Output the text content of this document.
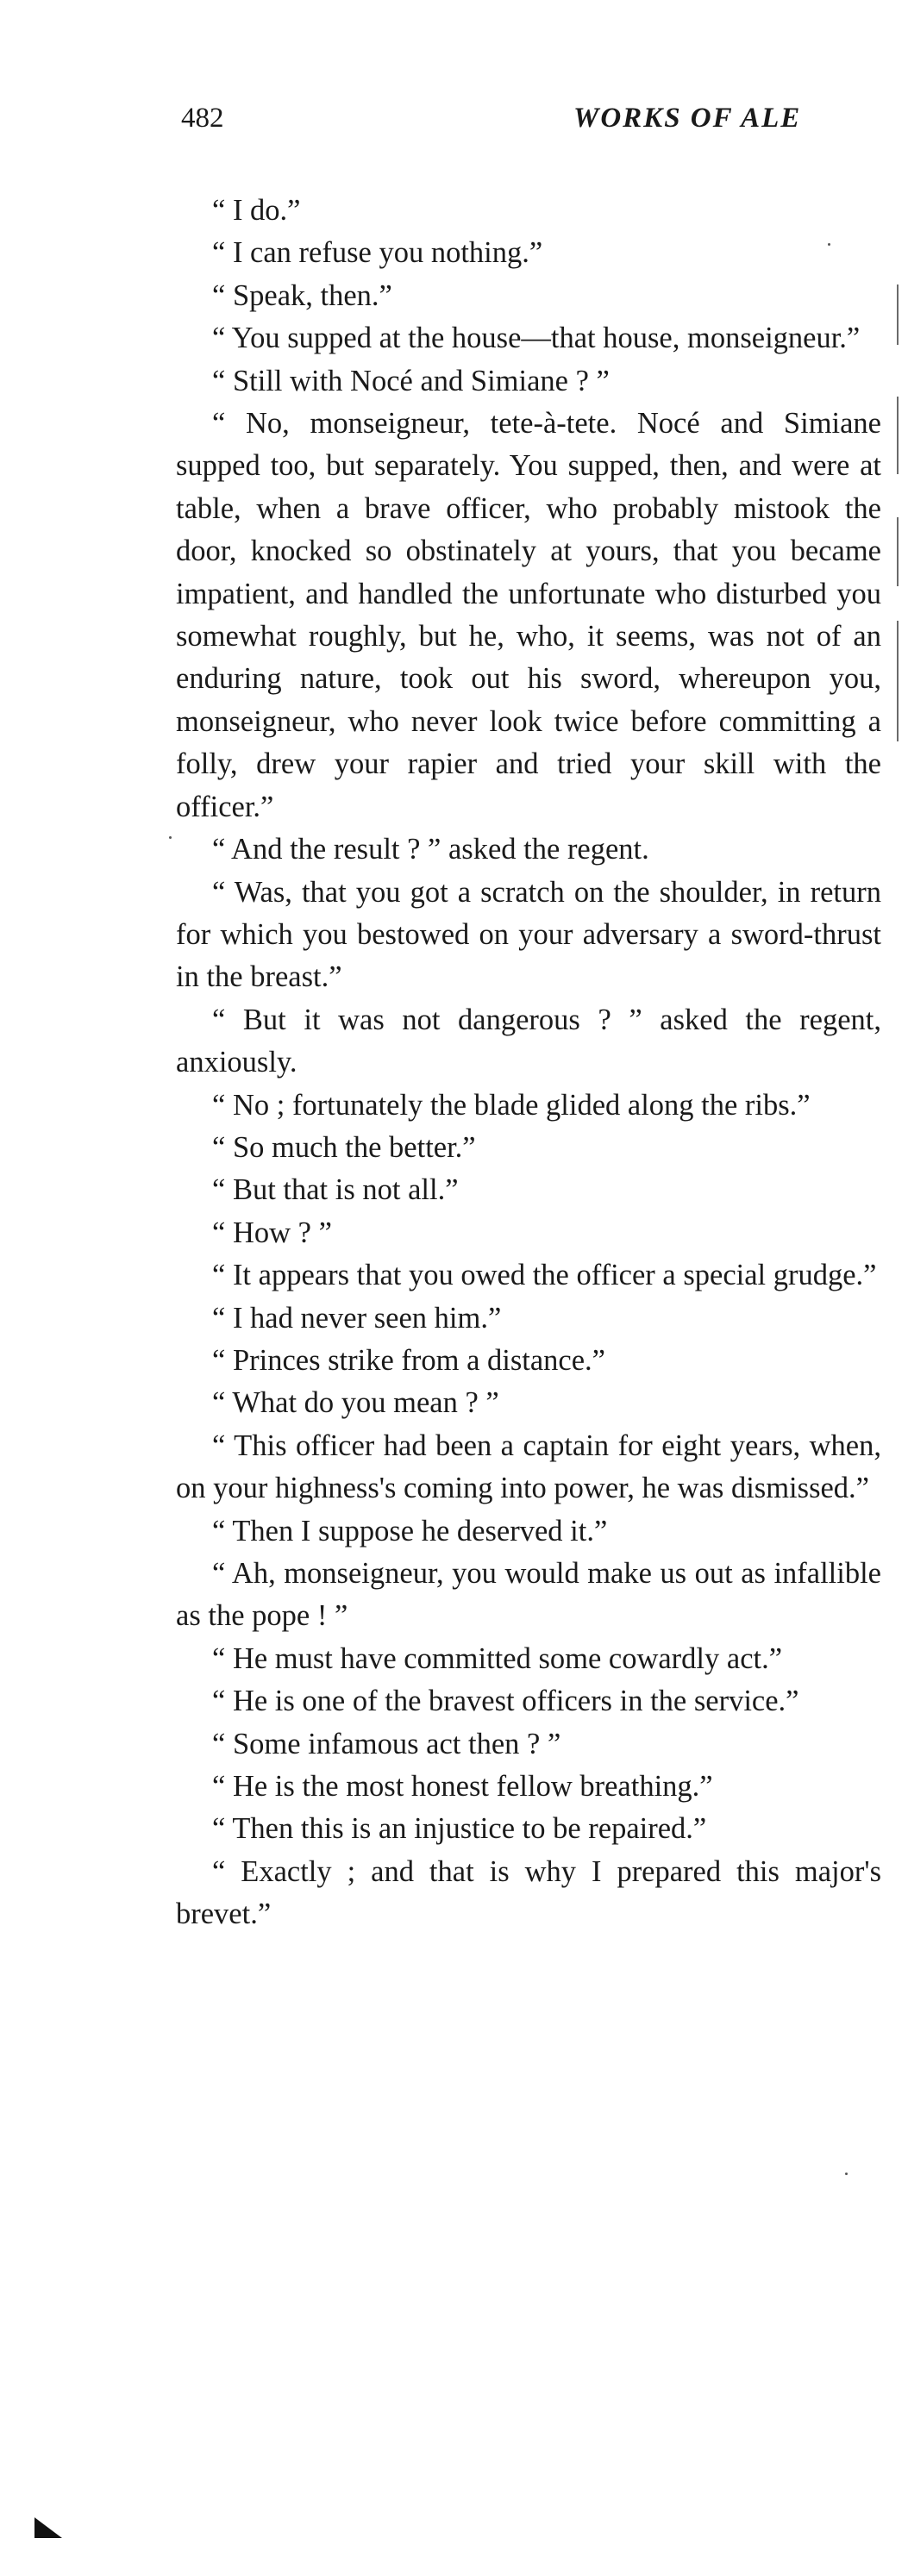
482	WORKS OF ALE

“ I do.”

“ I can refuse you nothing.”

“ Speak, then.”

“ You supped at the house—that house, monseigneur.”

“ Still with Nocé and Simiane ? ”

“ No, monseigneur, tete-à-tete. Nocé and Simiane supped too, but separately. You supped, then, and were at table, when a brave officer, who probably mistook the door, knocked so obstinately at yours, that you became impatient, and handled the unfortunate who disturbed you somewhat roughly, but he, who, it seems, was not of an enduring nature, took out his sword, whereupon you, monseigneur, who never look twice before committing a folly, drew your rapier and tried your skill with the officer.”

“ And the result ? ” asked the regent.

“ Was, that you got a scratch on the shoulder, in return for which you bestowed on your adversary a sword-thrust in the breast.”

“ But it was not dangerous ? ” asked the regent, anxiously.

“ No ; fortunately the blade glided along the ribs.”

“ So much the better.”

“ But that is not all.”

“ How ? ”

“ It appears that you owed the officer a special grudge.”

“ I had never seen him.”

“ Princes strike from a distance.”

“ What do you mean ? ”

“ This officer had been a captain for eight years, when, on your highness's coming into power, he was dismissed.”

“ Then I suppose he deserved it.”

“ Ah, monseigneur, you would make us out as infallible as the pope ! ”

“ He must have committed some cowardly act.”

“ He is one of the bravest officers in the service.”

“ Some infamous act then ? ”

“ He is the most honest fellow breathing.”

“ Then this is an injustice to be repaired.”

“ Exactly ; and that is why I prepared this major's brevet.”
